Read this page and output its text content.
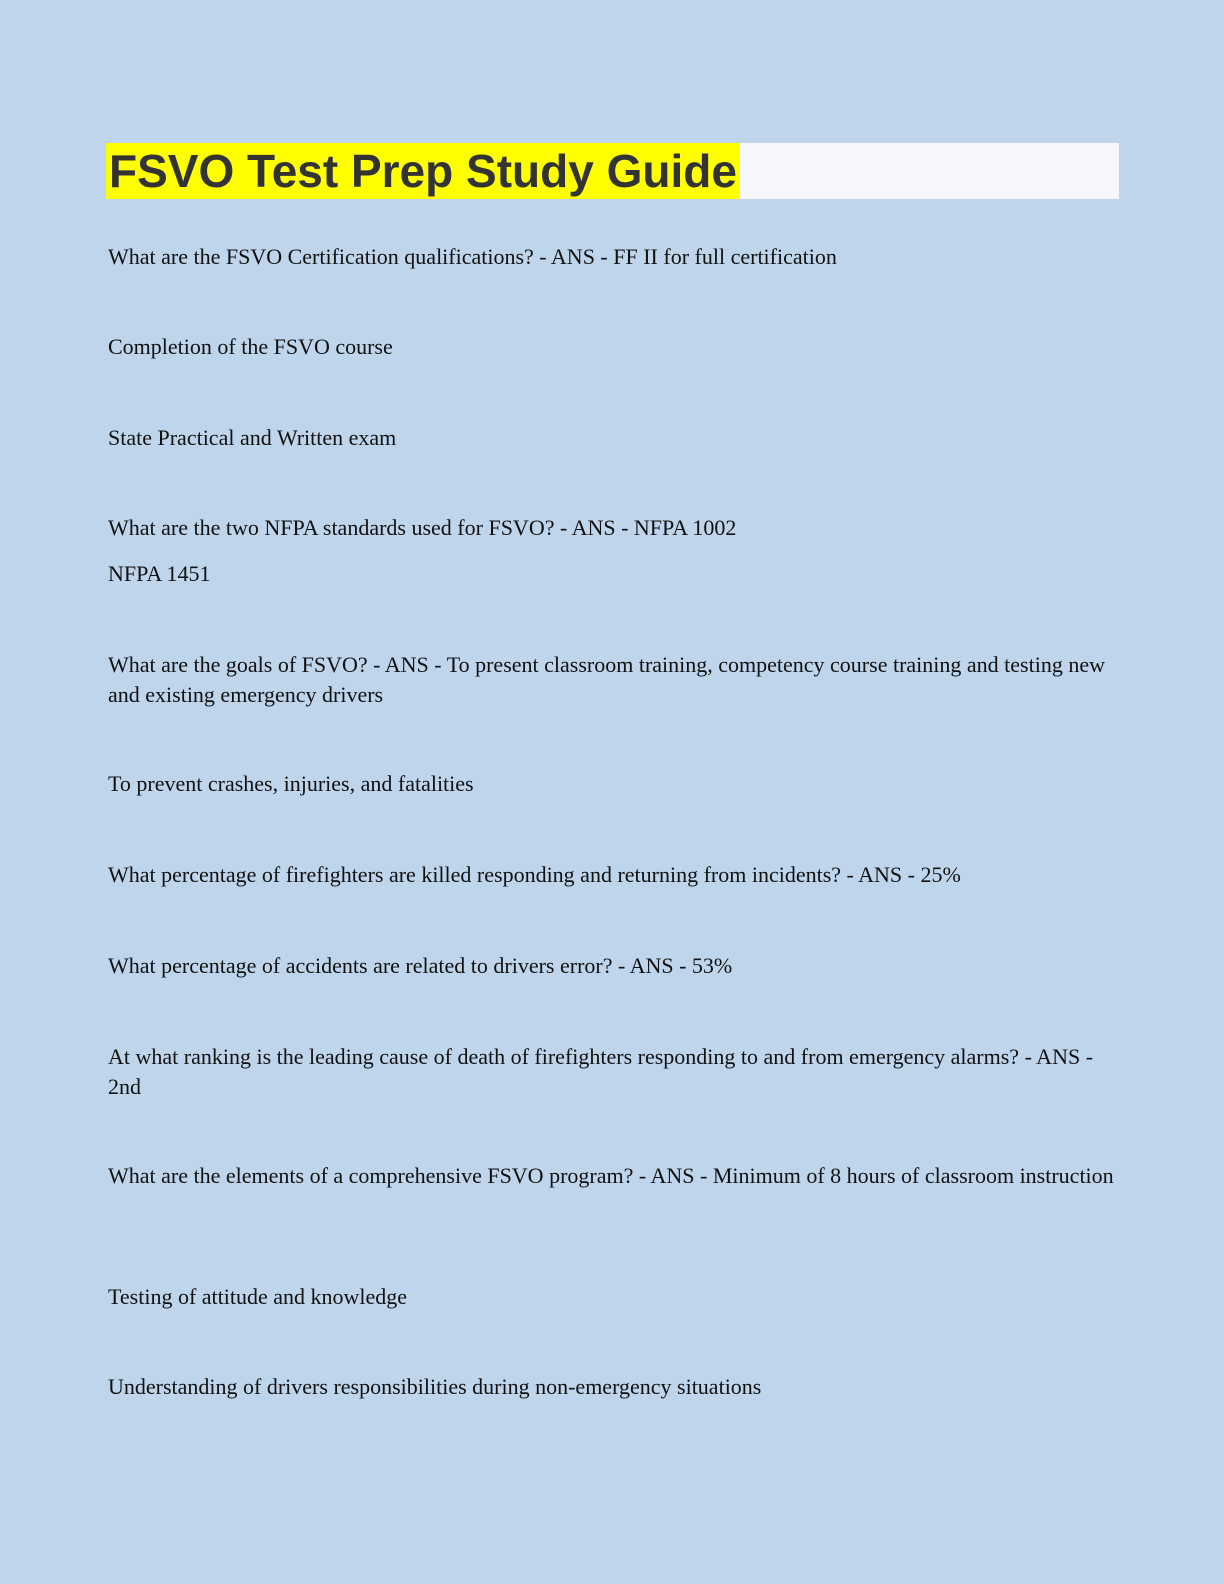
FSVO Test Prep Study Guide

What are the FSVO Certification qualifications? - ANS - FF II for full certification

Completion of the FSVO course

State Practical and Written exam

What are the two NFPA standards used for FSVO? - ANS - NFPA 1002

NFPA 1451

What are the goals of FSVO? - ANS - To present classroom training, competency course training and testing new and existing emergency drivers

To prevent crashes, injuries, and fatalities

What percentage of firefighters are killed responding and returning from incidents? - ANS - 25%

What percentage of accidents are related to drivers error? - ANS - 53%

At what ranking is the leading cause of death of firefighters responding to and from emergency alarms? - ANS - 2nd

What are the elements of a comprehensive FSVO program? - ANS - Minimum of 8 hours of classroom instruction

Testing of attitude and knowledge

Understanding of drivers responsibilities during non-emergency situations
